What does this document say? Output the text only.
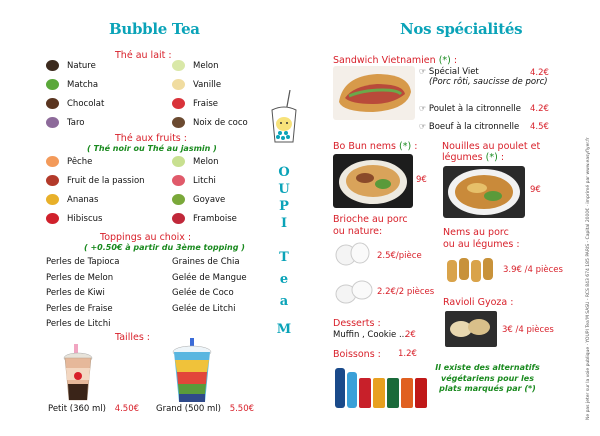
Bubble Tea
Thé au lait :
Nature
Matcha
Chocolat
Taro
Melon
Vanille
Fraise
Noix de coco
Thé aux fruits :
( Thé noir ou Thé au jasmin )
Pêche
Fruit de la passion
Ananas
Hibiscus
Melon
Litchi
Goyave
Framboise
Toppings au choix :
( +0.50€ à partir du 3ème topping )
Perles de Tapioca
Perles de Melon
Perles de Kiwi
Perles de Fraise
Perles de Litchi
Graines de Chia
Gelée de Mangue
Gelée de Coco
Gelée de Litchi
Tailles :
Petit (360 ml) 4.50€ Grand (500 ml) 5.50€
O
U
P
I
T
e
a
M
Nos spécialités
Sandwich Vietnamien (*) :
☞ Spécial Viet
(Porc rôti, saucisse de porc)
4.2€
☞ Poulet à la citronnelle 4.2€
☞ Boeuf à la citronnelle 4.5€
Bo Bun nems (*) :
9€
Nouilles au poulet et
légumes (*) :
9€
Brioche au porc
ou nature:
2.5€/pièce
2.2€/2 pièces
Nems au porc
ou au légumes :
3.9€ /4 pièces
Desserts :
Muffin , Cookie ...
2€
Ravioli Gyoza :
3€ /4 pièces
Boissons : 1.2€
Il existe des alternatifs
végétariens pour les
plats marqués par (*)	Ne pas jeter sur la voie publique · YOUPI Tea'M SASU - RCS 843 674 185 PARIS - Capital 2000€ · imprimé par www.easyflyer.fr
